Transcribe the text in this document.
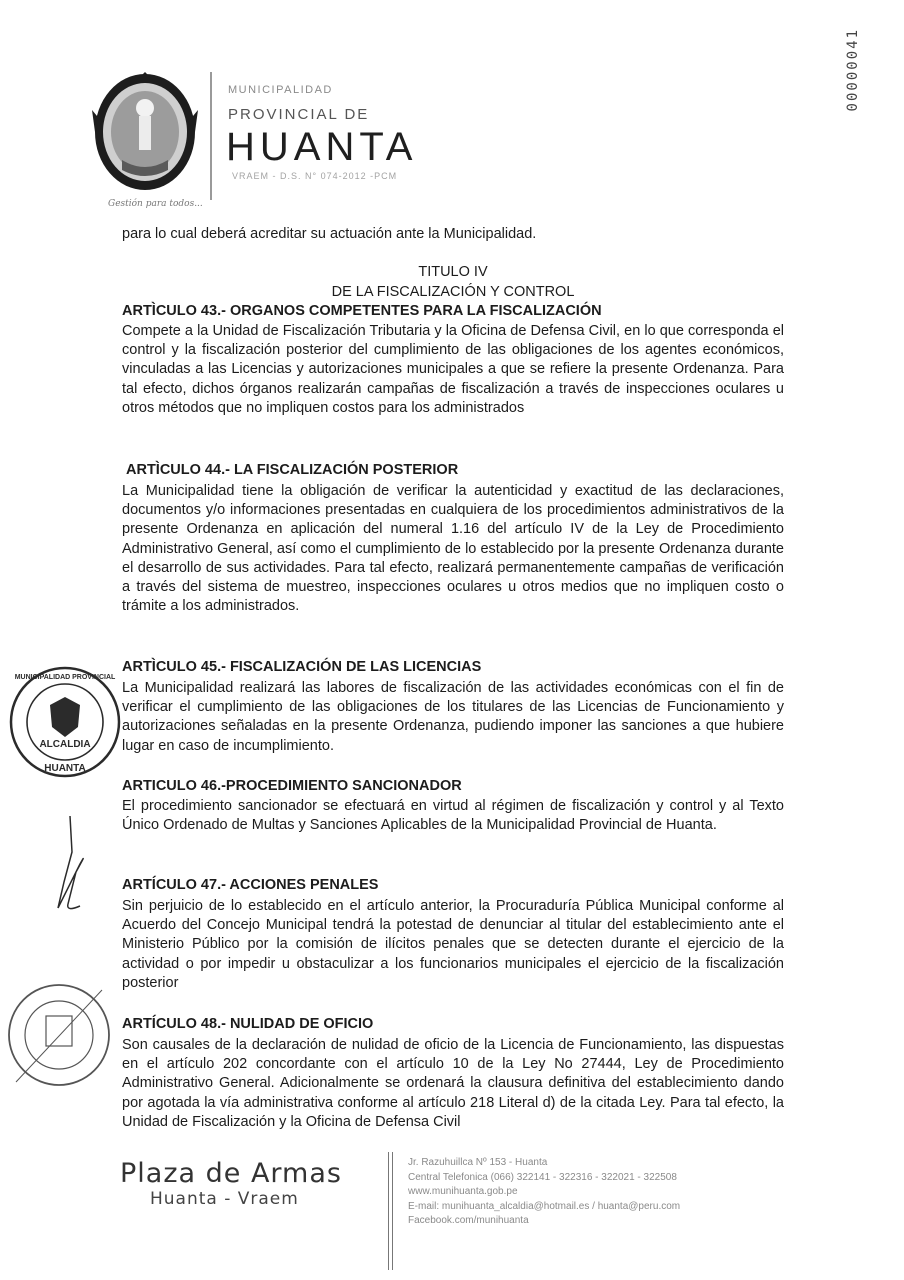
Gestión para todos...
MUNICIPALIDAD
PROVINCIAL DE
HUANTA
VRAEM - D.S. N° 074-2012 -PCM
00000041

para lo cual deberá acreditar su actuación ante la Municipalidad.

TITULO IV
DE LA FISCALIZACIÓN Y CONTROL
ARTÌCULO 43.- ORGANOS COMPETENTES PARA LA FISCALIZACIÓN

Compete a la Unidad de Fiscalización Tributaria y la Oficina de Defensa Civil, en lo que corresponda el control y la fiscalización posterior del cumplimiento de las obligaciones de los agentes económicos, vinculadas a las Licencias y autorizaciones municipales a que se refiere la presente Ordenanza. Para tal efecto, dichos órganos realizarán campañas de fiscalización a través de inspecciones oculares u otros métodos que no impliquen costos para los administrados

ARTÌCULO 44.- LA FISCALIZACIÓN POSTERIOR

La Municipalidad tiene la obligación de verificar la autenticidad y exactitud de las declaraciones, documentos y/o informaciones presentadas en cualquiera de los procedimientos administrativos de la presente Ordenanza en aplicación del numeral 1.16 del artículo IV de la Ley de Procedimiento Administrativo General, así como el cumplimiento de lo establecido por la presente Ordenanza durante el desarrollo de sus actividades. Para tal efecto, realizará permanentemente campañas de verificación a través del sistema de muestreo, inspecciones oculares u otros medios que no impliquen costo o trámite a los administrados.

ARTÌCULO 45.- FISCALIZACIÓN DE LAS LICENCIAS

La Municipalidad realizará las labores de fiscalización de las actividades económicas con el fin de verificar el cumplimiento de las obligaciones de los titulares de las Licencias de Funcionamiento y autorizaciones señaladas en la presente Ordenanza, pudiendo imponer las sanciones a que hubiere lugar en caso de incumplimiento.

ARTICULO 46.-PROCEDIMIENTO SANCIONADOR

El procedimiento sancionador se efectuará en virtud al régimen de fiscalización y control y al Texto Único Ordenado de Multas y Sanciones Aplicables de la Municipalidad Provincial de Huanta.

ARTÍCULO 47.- ACCIONES PENALES

Sin perjuicio de lo establecido en el artículo anterior, la Procuraduría Pública Municipal conforme al Acuerdo del Concejo Municipal tendrá la potestad de denunciar al titular del establecimiento ante el Ministerio Público por la comisión de ilícitos penales que se detecten durante el ejercicio de la actividad o por impedir u obstaculizar a los funcionarios municipales el ejercicio de la fiscalización posterior

ARTÍCULO 48.- NULIDAD DE OFICIO

Son causales de la declaración de nulidad de oficio de la Licencia de Funcionamiento, las dispuestas en el artículo 202 concordante con el artículo 10 de la Ley No 27444, Ley de Procedimiento Administrativo General. Adicionalmente se ordenará la clausura definitiva del establecimiento dando por agotada la vía administrativa conforme al artículo 218 Literal d) de la citada Ley. Para tal efecto, la Unidad de Fiscalización y la Oficina de Defensa Civil

ALCALDIA
MUNICIPALIDAD PROVINCIAL
HUANTA
Plaza de Armas
Huanta - Vraem
Jr. Razuhuillca Nº 153 - Huanta
Central Telefonica (066) 322141 - 322316 - 322021 - 322508
www.munihuanta.gob.pe
E-mail: munihuanta_alcaldia@hotmail.es / huanta@peru.com
Facebook.com/munihuanta
